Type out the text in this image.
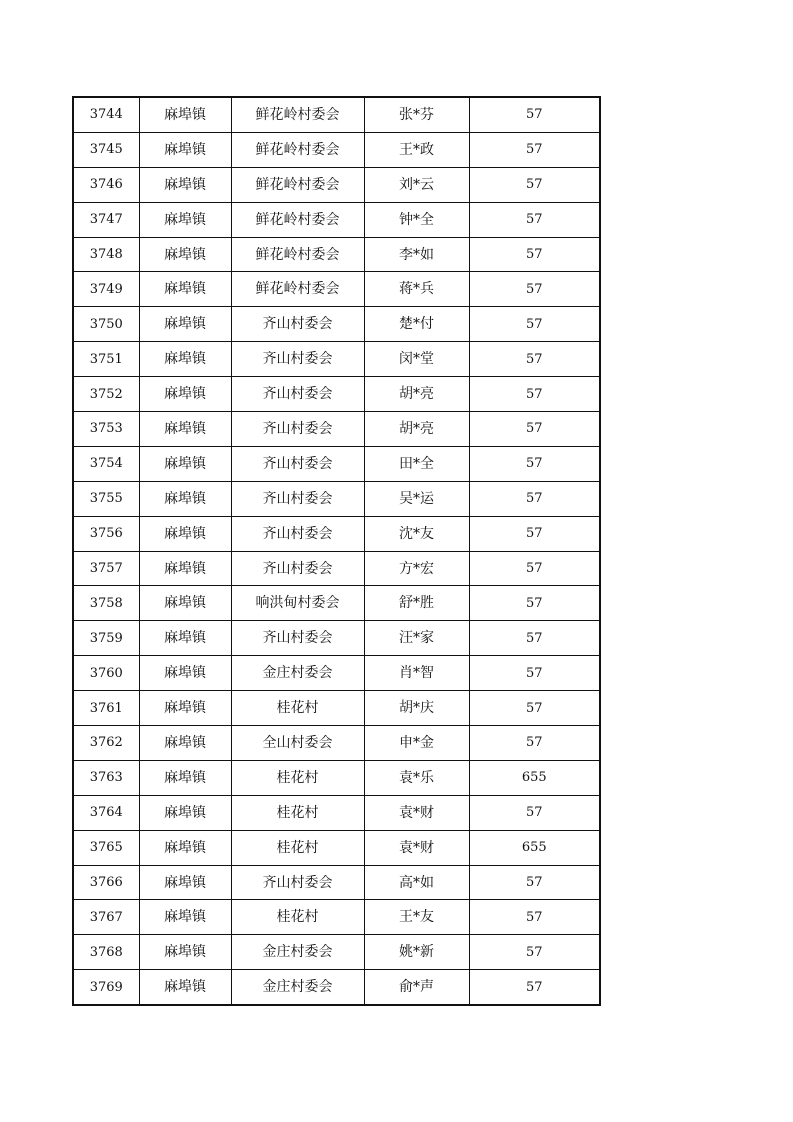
3744	麻埠镇	鲜花岭村委会	张*芬	57
3745	麻埠镇	鲜花岭村委会	王*政	57
3746	麻埠镇	鲜花岭村委会	刘*云	57
3747	麻埠镇	鲜花岭村委会	钟*全	57
3748	麻埠镇	鲜花岭村委会	李*如	57
3749	麻埠镇	鲜花岭村委会	蒋*兵	57
3750	麻埠镇	齐山村委会	楚*付	57
3751	麻埠镇	齐山村委会	闵*堂	57
3752	麻埠镇	齐山村委会	胡*亮	57
3753	麻埠镇	齐山村委会	胡*亮	57
3754	麻埠镇	齐山村委会	田*全	57
3755	麻埠镇	齐山村委会	吴*运	57
3756	麻埠镇	齐山村委会	沈*友	57
3757	麻埠镇	齐山村委会	方*宏	57
3758	麻埠镇	响洪甸村委会	舒*胜	57
3759	麻埠镇	齐山村委会	汪*家	57
3760	麻埠镇	金庄村委会	肖*智	57
3761	麻埠镇	桂花村	胡*庆	57
3762	麻埠镇	全山村委会	申*金	57
3763	麻埠镇	桂花村	袁*乐	655
3764	麻埠镇	桂花村	袁*财	57
3765	麻埠镇	桂花村	袁*财	655
3766	麻埠镇	齐山村委会	高*如	57
3767	麻埠镇	桂花村	王*友	57
3768	麻埠镇	金庄村委会	姚*新	57
3769	麻埠镇	金庄村委会	俞*声	57
